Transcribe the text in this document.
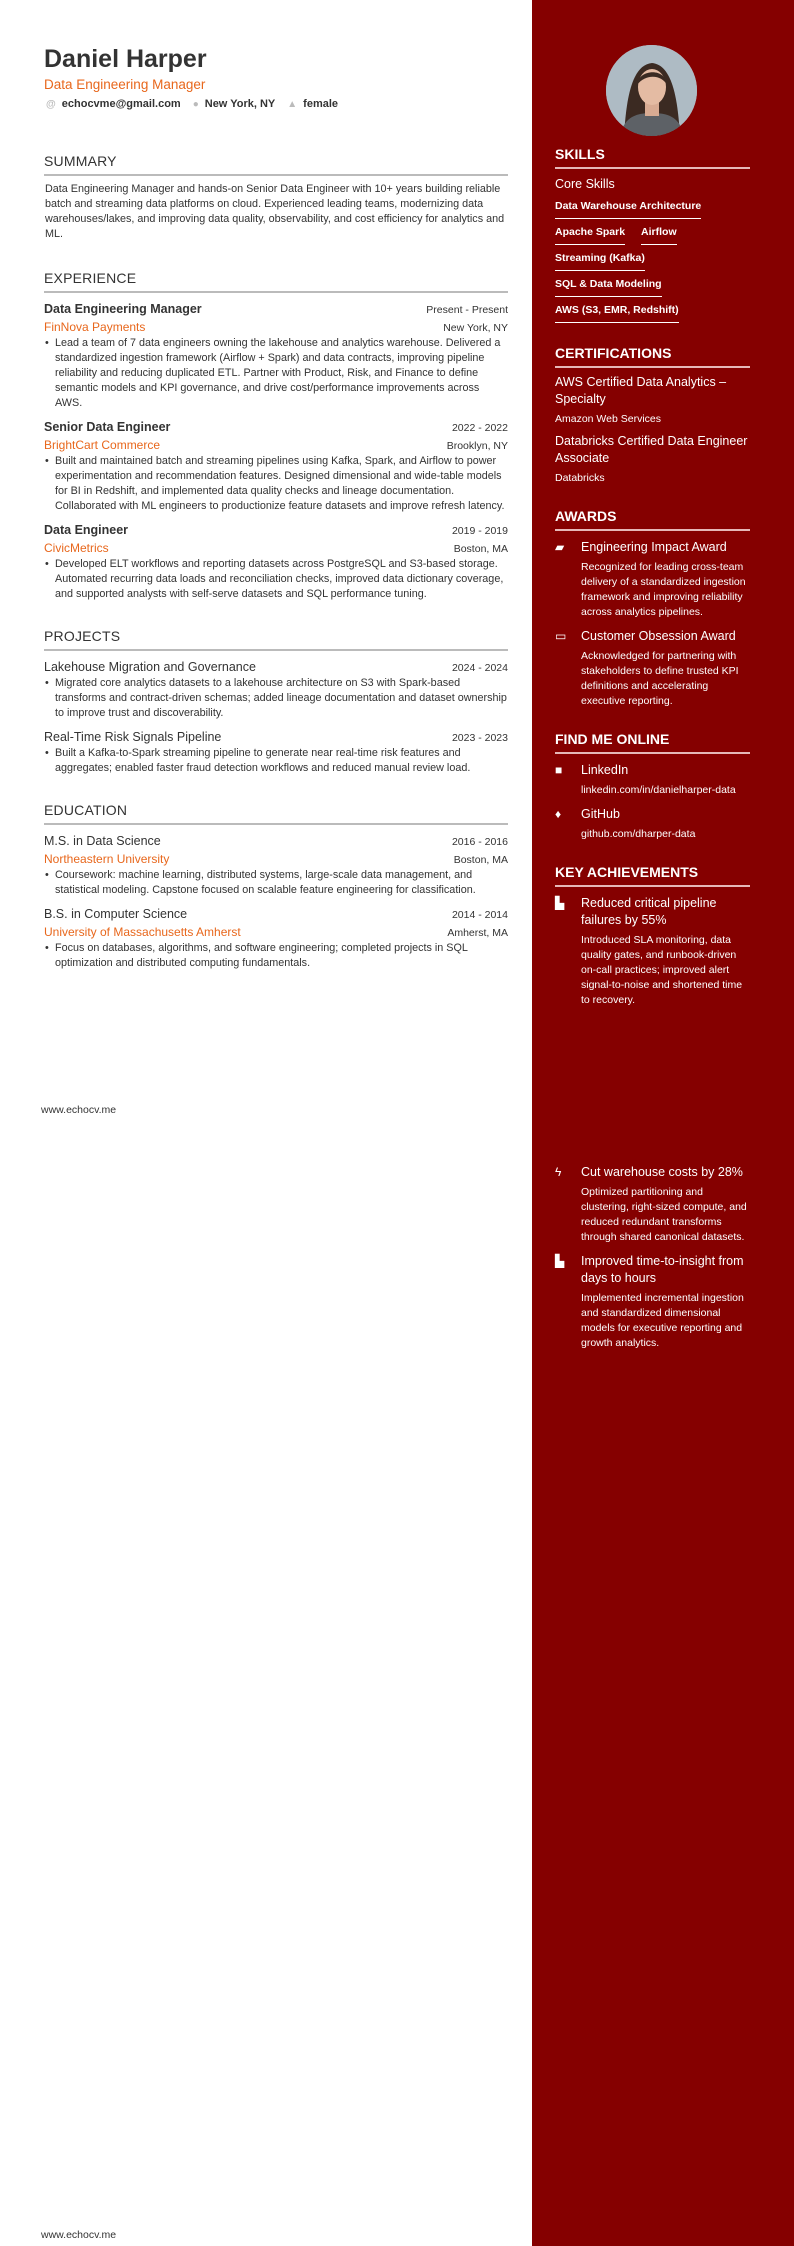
Daniel Harper
Data Engineering Manager
@ echocvme@gmail.com ● New York, NY ▲ female
SUMMARY
Data Engineering Manager and hands-on Senior Data Engineer with 10+ years building reliable batch and streaming data platforms on cloud. Experienced leading teams, modernizing data warehouses/lakes, and improving data quality, observability, and cost efficiency for analytics and ML.
EXPERIENCE
Data Engineering Manager	Present - Present
FinNova Payments	New York, NY
• Lead a team of 7 data engineers owning the lakehouse and analytics warehouse. Delivered a standardized ingestion framework (Airflow + Spark) and data contracts, improving pipeline reliability and reducing duplicated ETL. Partner with Product, Risk, and Finance to define semantic models and KPI governance, and drive cost/performance improvements across AWS.
Senior Data Engineer	2022 - 2022
BrightCart Commerce	Brooklyn, NY
• Built and maintained batch and streaming pipelines using Kafka, Spark, and Airflow to power experimentation and recommendation features. Designed dimensional and wide-table models for BI in Redshift, and implemented data quality checks and lineage documentation. Collaborated with ML engineers to productionize feature datasets and improve refresh latency.
Data Engineer	2019 - 2019
CivicMetrics	Boston, MA
• Developed ELT workflows and reporting datasets across PostgreSQL and S3-based storage. Automated recurring data loads and reconciliation checks, improved data dictionary coverage, and supported analysts with self-serve datasets and SQL performance tuning.
PROJECTS
Lakehouse Migration and Governance	2024 - 2024
• Migrated core analytics datasets to a lakehouse architecture on S3 with Spark-based transforms and contract-driven schemas; added lineage documentation and dataset ownership to improve trust and discoverability.
Real-Time Risk Signals Pipeline	2023 - 2023
• Built a Kafka-to-Spark streaming pipeline to generate near real-time risk features and aggregates; enabled faster fraud detection workflows and reduced manual review load.
EDUCATION
M.S. in Data Science	2016 - 2016
Northeastern University	Boston, MA
• Coursework: machine learning, distributed systems, large-scale data management, and statistical modeling. Capstone focused on scalable feature engineering for classification.
B.S. in Computer Science	2014 - 2014
University of Massachusetts Amherst	Amherst, MA
• Focus on databases, algorithms, and software engineering; completed projects in SQL optimization and distributed computing fundamentals.
www.echocv.me
www.echocv.me
SKILLS
Core Skills
Data Warehouse Architecture
Apache Spark Airflow
Streaming (Kafka)
SQL & Data Modeling
AWS (S3, EMR, Redshift)
CERTIFICATIONS
AWS Certified Data Analytics – Specialty
Amazon Web Services
Databricks Certified Data Engineer Associate
Databricks
AWARDS
▰	Engineering Impact Award
Recognized for leading cross-team delivery of a standardized ingestion framework and improving reliability across analytics pipelines.
▭	Customer Obsession Award
Acknowledged for partnering with stakeholders to define trusted KPI definitions and accelerating executive reporting.
FIND ME ONLINE
■	LinkedIn
linkedin.com/in/danielharper-data
♦	GitHub
github.com/dharper-data
KEY ACHIEVEMENTS
▙	Reduced critical pipeline failures by 55%
Introduced SLA monitoring, data quality gates, and runbook-driven on-call practices; improved alert signal-to-noise and shortened time to recovery.
ϟ	Cut warehouse costs by 28%
Optimized partitioning and clustering, right-sized compute, and reduced redundant transforms through shared canonical datasets.
▙	Improved time-to-insight from days to hours
Implemented incremental ingestion and standardized dimensional models for executive reporting and growth analytics.
